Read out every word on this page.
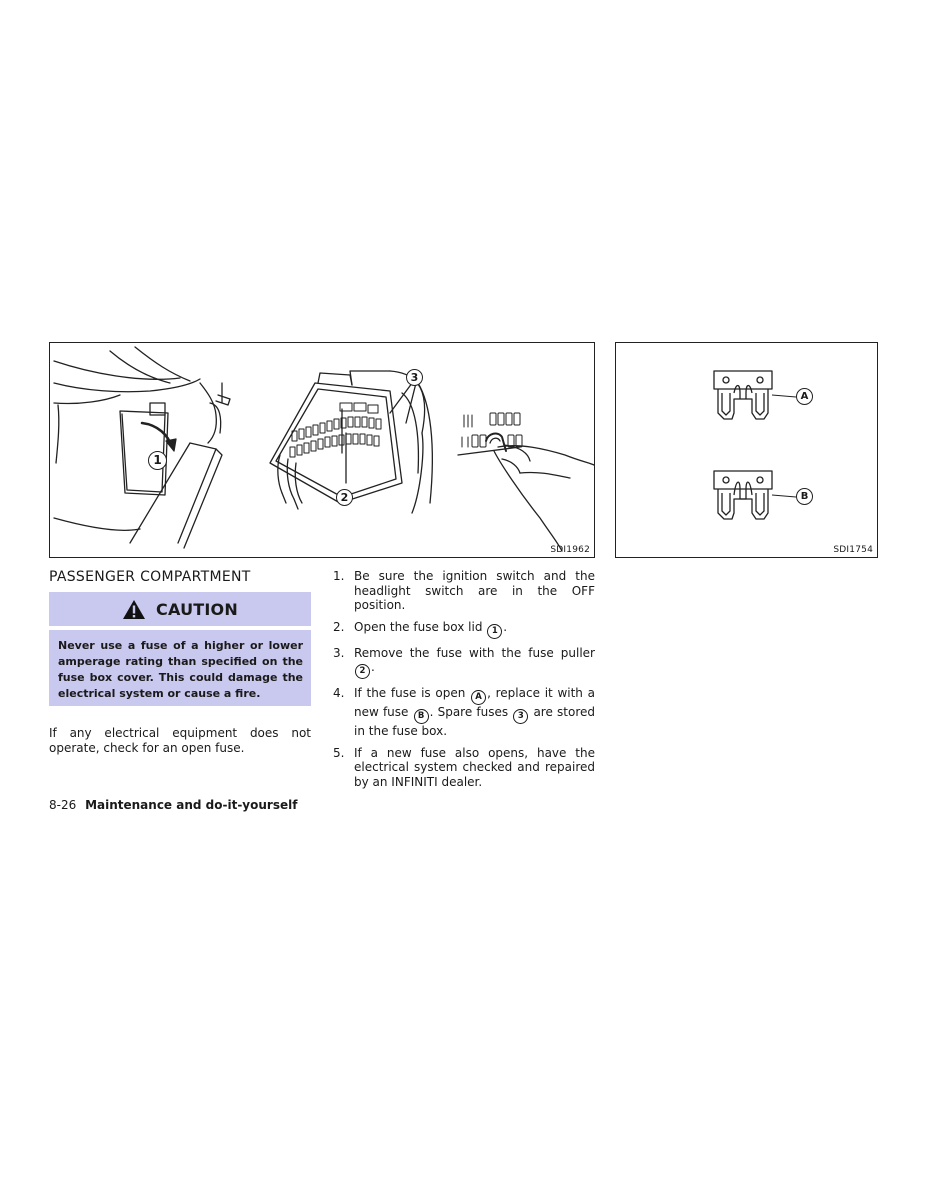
1
2
3
SDI1962
A
B
SDI1754
PASSENGER COMPARTMENT
CAUTION
Never use a fuse of a higher or lower amperage rating than specified on the fuse box cover. This could damage the electrical system or cause a fire.
If any electrical equipment does not operate, check for an open fuse.
1. Be sure the ignition switch and the headlight switch are in the OFF position.
2. Open the fuse box lid 1 .
3. Remove the fuse with the fuse puller 2 .
4. If the fuse is open A , replace it with a new fuse B . Spare fuses 3 are stored in the fuse box.
5. If a new fuse also opens, have the electrical system checked and repaired by an INFINITI dealer.
8-26 Maintenance and do-it-yourself
